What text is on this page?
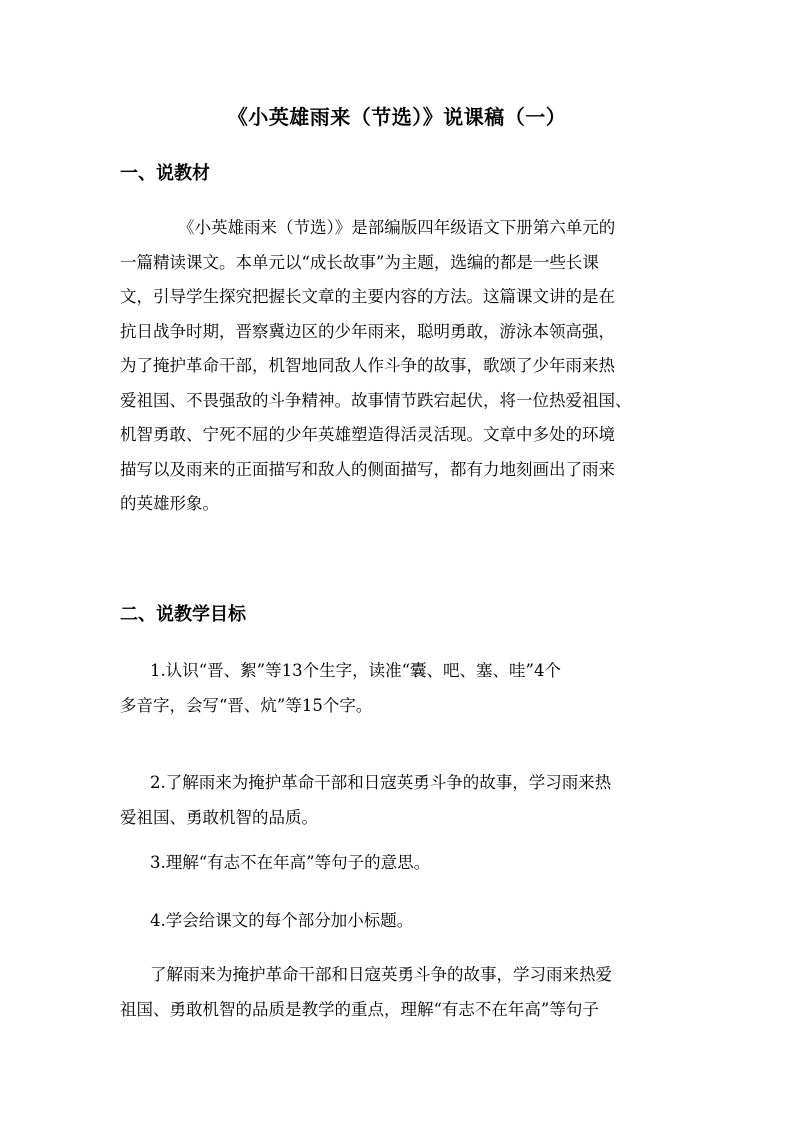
《小英雄雨来（节选）》说课稿（一）
一、说教材
《小英雄雨来（节选）》是部编版四年级语文下册第六单元的
一篇精读课文。本单元以“成长故事”为主题，选编的都是一些长课
文，引导学生探究把握长文章的主要内容的方法。这篇课文讲的是在
抗日战争时期，晋察冀边区的少年雨来，聪明勇敢，游泳本领高强，
为了掩护革命干部，机智地同敌人作斗争的故事，歌颂了少年雨来热
爱祖国、不畏强敌的斗争精神。故事情节跌宕起伏，将一位热爱祖国、
机智勇敢、宁死不屈的少年英雄塑造得活灵活现。文章中多处的环境
描写以及雨来的正面描写和敌人的侧面描写，都有力地刻画出了雨来
的英雄形象。
二、说教学目标
1.认识“晋、絮”等13个生字，读准“囊、吧、塞、哇”4个
多音字，会写“晋、炕”等15个字。
2.了解雨来为掩护革命干部和日寇英勇斗争的故事，学习雨来热
爱祖国、勇敢机智的品质。
3.理解“有志不在年高”等句子的意思。
4.学会给课文的每个部分加小标题。
了解雨来为掩护革命干部和日寇英勇斗争的故事，学习雨来热爱
祖国、勇敢机智的品质是教学的重点，理解“有志不在年高”等句子
